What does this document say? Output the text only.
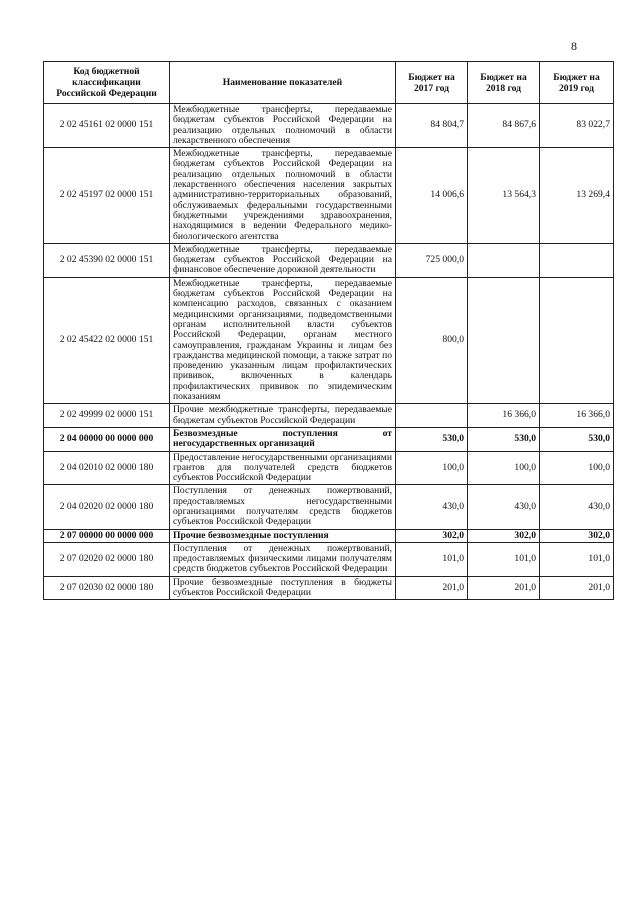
8
Код бюджетной классификации Российской Федерации	Наименование показателей	Бюджет на 2017 год	Бюджет на 2018 год	Бюджет на 2019 год
2 02 45161 02 0000 151	Межбюджетные трансферты, передаваемые бюджетам субъектов Российской Федерации на реализацию отдельных полномочий в области лекарственного обеспечения	84 804,7	84 867,6	83 022,7
2 02 45197 02 0000 151	Межбюджетные трансферты, передаваемые бюджетам субъектов Российской Федерации на реализацию отдельных полномочий в области лекарственного обеспечения населения закрытых административно-территориальных образований, обслуживаемых федеральными государственными бюджетными учреждениями здравоохранения, находящимися в ведении Федерального медико-биологического агентства	14 006,6	13 564,3	13 269,4
2 02 45390 02 0000 151	Межбюджетные трансферты, передаваемые бюджетам субъектов Российской Федерации на финансовое обеспечение дорожной деятельности	725 000,0		
2 02 45422 02 0000 151	Межбюджетные трансферты, передаваемые бюджетам субъектов Российской Федерации на компенсацию расходов, связанных с оказанием медицинскими организациями, подведомственными органам исполнительной власти субъектов Российской Федерации, органам местного самоуправления, гражданам Украины и лицам без гражданства медицинской помощи, а также затрат по проведению указанным лицам профилактических прививок, включенных в календарь профилактических прививок по эпидемическим показаниям	800,0		
2 02 49999 02 0000 151	Прочие межбюджетные трансферты, передаваемые бюджетам субъектов Российской Федерации		16 366,0	16 366,0
2 04 00000 00 0000 000	Безвозмездные поступления от негосударственных организаций	530,0	530,0	530,0
2 04 02010 02 0000 180	Предоставление негосударственными организациями грантов для получателей средств бюджетов субъектов Российской Федерации	100,0	100,0	100,0
2 04 02020 02 0000 180	Поступления от денежных пожертвований, предоставляемых негосударственными организациями получателям средств бюджетов субъектов Российской Федерации	430,0	430,0	430,0
2 07 00000 00 0000 000	Прочие безвозмездные поступления	302,0	302,0	302,0
2 07 02020 02 0000 180	Поступления от денежных пожертвований, предоставляемых физическими лицами получателям средств бюджетов субъектов Российской Федерации	101,0	101,0	101,0
2 07 02030 02 0000 180	Прочие безвозмездные поступления в бюджеты субъектов Российской Федерации	201,0	201,0	201,0
